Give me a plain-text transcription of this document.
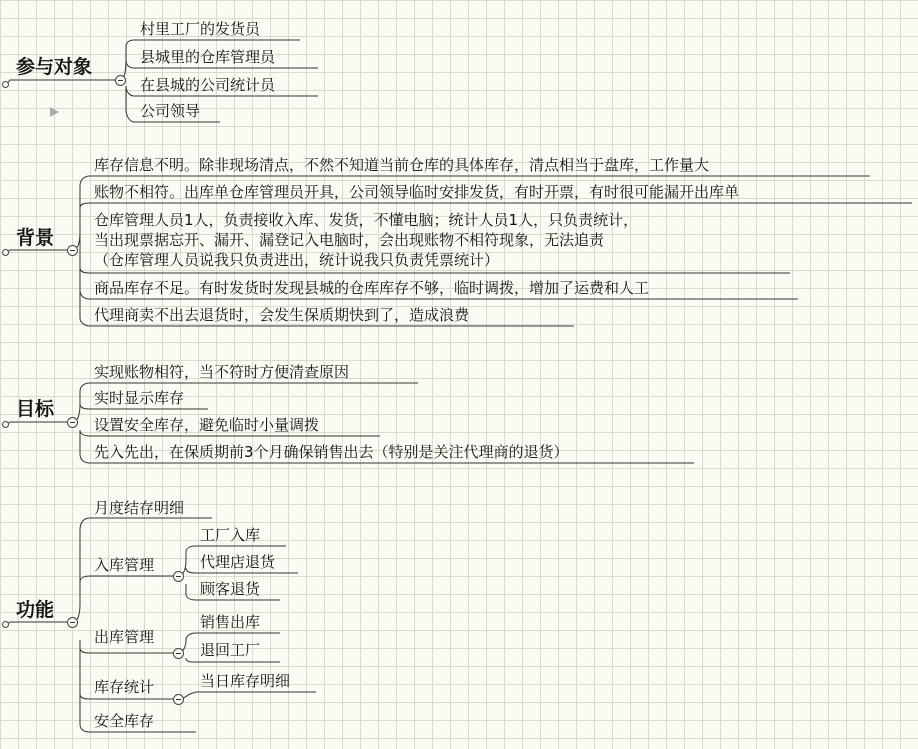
参与对象
村里工厂的发货员
县城里的仓库管理员
在县城的公司统计员
公司领导
背景
库存信息不明。除非现场清点，不然不知道当前仓库的具体库存，清点相当于盘库，工作量大
账物不相符。出库单仓库管理员开具，公司领导临时安排发货，有时开票，有时很可能漏开出库单
仓库管理人员1人，负责接收入库、发货，不懂电脑；统计人员1人，只负责统计，
当出现票据忘开、漏开、漏登记入电脑时，会出现账物不相符现象，无法追责
（仓库管理人员说我只负责进出，统计说我只负责凭票统计）
商品库存不足。有时发货时发现县城的仓库库存不够，临时调拨，增加了运费和人工
代理商卖不出去退货时，会发生保质期快到了，造成浪费
目标
实现账物相符，当不符时方便清查原因
实时显示库存
设置安全库存，避免临时小量调拨
先入先出，在保质期前3个月确保销售出去（特别是关注代理商的退货）
功能
月度结存明细
入库管理
工厂入库
代理店退货
顾客退货
出库管理
销售出库
退回工厂
库存统计	当日库存明细
安全库存
